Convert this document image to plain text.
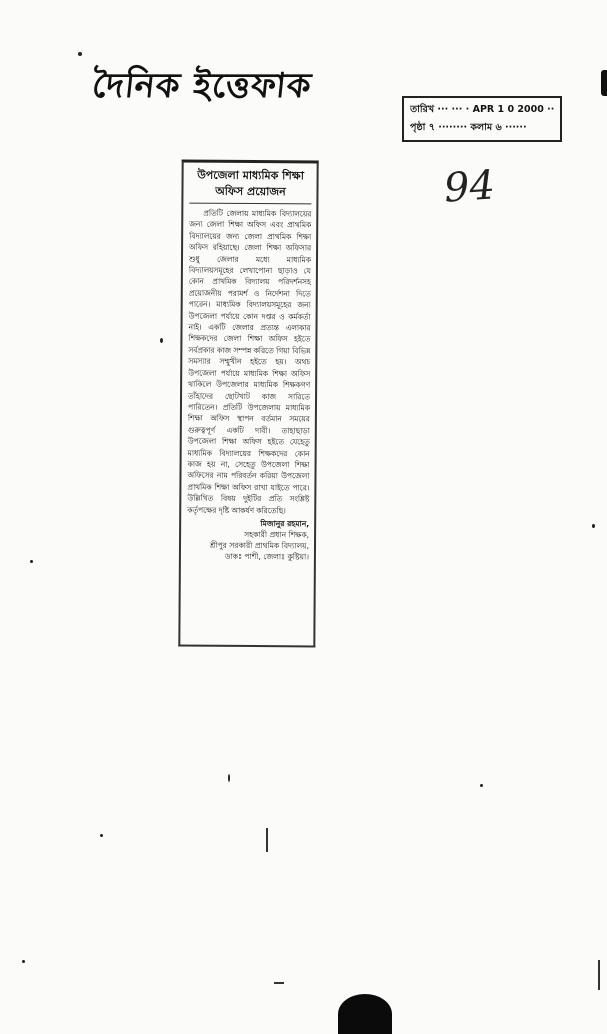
দৈনিক ইত্তেফাক
তারিখ ··· ··· · APR 1 0 2000 ··
পৃষ্ঠা ৭ ········ কলাম ৬ ······
94
উপজেলা মাধ্যমিক শিক্ষা
অফিস প্রয়োজন
প্রতিটি জেলায় মাধ্যমিক বিদ্যালয়ের জন্য জেলা শিক্ষা অফিস এবং প্রাথমিক বিদ্যালয়ের জন্য জেলা প্রাথমিক শিক্ষা অফিস রহিয়াছে। জেলা শিক্ষা অফিসার শুধু জেলার মধ্যে মাধ্যমিক বিদ্যালয়সমূহের লেখাপোনা ছাড়াও যে কোন প্রাথমিক বিদ্যালয় পরিদর্শনসহ প্রয়োজনীয় পরামর্শ ও নির্দেশনা দিতে পারেন। মাধ্যমিক বিদ্যালয়সমূহের জন্য উপজেলা পর্যায়ে কোন দপ্তর ও কর্মকর্তা নাই। একটি জেলার প্রত্যন্ত এলাকার শিক্ষকদের জেলা শিক্ষা অফিস হইতে সর্বপ্রকার কাজ সম্পন্ন করিতে গিয়া বিভিন্ন সমস্যার সম্মুখীন হইতে হয়। অথচ উপজেলা পর্যায়ে মাধ্যমিক শিক্ষা অফিস থাকিলে উপজেলার মাধ্যমিক শিক্ষকগণ তাঁহাদের ছোটখাট কাজ সারিতে পারিতেন। প্রতিটি উপজেলায় মাধ্যমিক শিক্ষা অফিস স্থাপন বর্তমান সময়ের গুরুত্বপূর্ণ একটি দাবী। তাহাছাড়া উপজেলা শিক্ষা অফিস হইতে যেহেতু মাধ্যমিক বিদ্যালয়ের শিক্ষকদের কোন কাজ হয় না, সেহেতু উপজেলা শিক্ষা অফিসের নাম পরিবর্তন করিয়া উপজেলা প্রাথমিক শিক্ষা অফিস রাখা যাইতে পারে। উল্লিখিত বিষয় দুইটির প্রতি সংশ্লিষ্ট কর্তৃপক্ষের দৃষ্টি আকর্ষণ করিতেছি।
মিজানুর রহমান,
সহকারী প্রধান শিক্ষক,
শ্রীপুর সরকারী প্রাথমিক বিদ্যালয়,
ডাকঃ পাশী, জেলাঃ কুষ্টিয়া।
